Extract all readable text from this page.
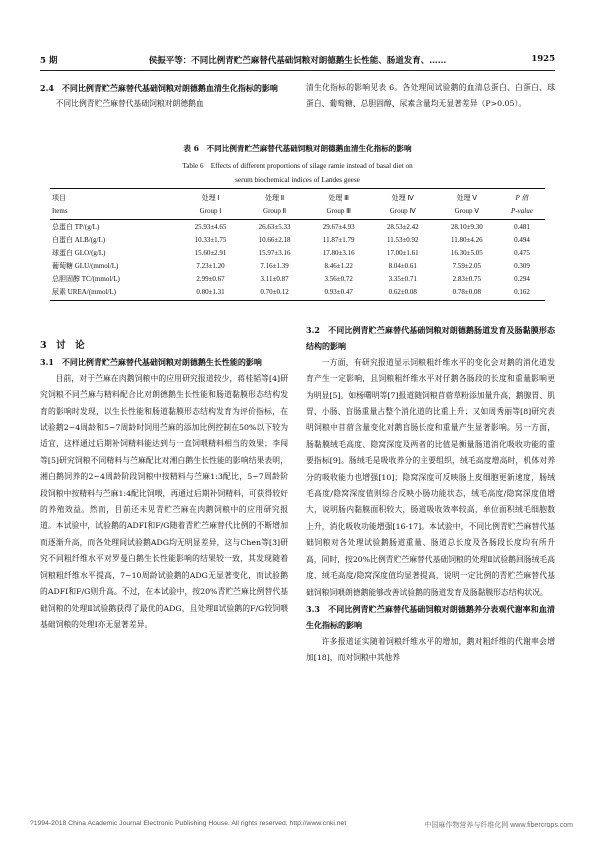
5 期	侯振平等：不同比例青贮苎麻替代基础饲粮对朗德鹅生长性能、肠道发育、……	1925

2.4　不同比例青贮苎麻替代基础饲粮对朗德鹅血清生化指标的影响

不同比例青贮苎麻替代基础饲粮对朗德鹅血

清生化指标的影响见表 6。各处理间试验鹅的血清总蛋白、白蛋白、球蛋白、葡萄糖、总胆固醇、尿素含量均无显著差异（P>0.05）。

表 6　不同比例青贮苎麻替代基础饲粮对朗德鹅血清生化指标的影响
Table 6　Effects of different proportions of silage ramie instead of basal diet on
serum biochemical indices of Landes geese
项目	处理 Ⅰ	处理 Ⅱ	处理 Ⅲ	处理 Ⅳ	处理 Ⅴ	P 值
Items	Group Ⅰ	Group Ⅱ	Group Ⅲ	Group Ⅳ	Group Ⅴ	P-value
总蛋白 TP/(g/L)	25.93±4.65	26.63±5.33	29.67±4.93	28.53±2.42	28.10±9.30	0.481
白蛋白 ALB/(g/L)	10.33±1.75	10.66±2.18	11.87±1.79	11.53±0.92	11.80±4.26	0.494
球蛋白 GLO/(g/L)	15.60±2.91	15.97±3.16	17.80±3.16	17.00±1.61	16.30±5.05	0.475
葡萄糖 GLU/(mmol/L)	7.23±1.20	7.16±1.39	8.46±1.22	8.04±0.61	7.59±2.05	0.309
总胆固醇 TC/(mmol/L)	2.99±0.67	3.11±0.87	3.56±0.72	3.35±0.71	2.83±0.75	0.294
尿素 UREA/(mmol/L)	0.80±1.31	0.70±0.12	0.93±0.47	0.62±0.08	0.78±0.08	0.162

3　讨　论

3.1　不同比例青贮苎麻替代基础饲粮对朗德鹅生长性能的影响

目前，对于苎麻在肉鹅饲粮中的应用研究报道较少，蒋桂韬等[4]研究饲粮不同苎麻与精料配合比对朗德鹅生长性能和肠道黏膜形态结构发育的影响时发现，以生长性能和肠道黏膜形态结构发育为评价指标，在试验鹅2~4周龄和5~7周龄时饲用苎麻的添加比例控制在50%以下较为适宜，这样通过后期补饲精料能达到与一直饲喂精料相当的效果；李闯等[5]研究饲粮不同精料与苎麻配比对湘白鹅生长性能的影响结果表明，湘白鹅饲养的2~4周龄阶段饲粮中按精料与苎麻1:3配比，5~7周龄阶段饲粮中按精料与苎麻1:4配比饲喂，再通过后期补饲精料，可获得较好的养殖效益。然而，目前还未见青贮苎麻在肉鹅饲粮中的应用研究报道。本试验中，试验鹅的ADFI和F/G随着青贮苎麻替代比例的不断增加而逐渐升高，而各处理间试验鹅ADG均无明显差异，这与Chen等[3]研究不同粗纤维水平对罗曼白鹅生长性能影响的结果较一致，其发现随着饲粮粗纤维水平提高，7~10周龄试验鹅的ADG无显著变化，而试验鹅的ADFI和F/G则升高。不过，在本试验中，按20%青贮苎麻比例替代基础饲粮的处理Ⅱ试验鹅获得了最优的ADG，且处理Ⅱ试验鹅的F/G较饲喂基础饲粮的处理Ⅰ亦无显著差异。

3.2　不同比例青贮苎麻替代基础饲粮对朗德鹅肠道发育及肠黏膜形态结构的影响

一方面，有研究报道显示饲粮粗纤维水平的变化会对鹅的消化道发育产生一定影响，且饲粮粗纤维水平对仔鹅各肠段的长度和重量影响更为明显[5]。如杨曙明等[7]报道随饲粮苜蓿草粉添加量升高，鹅腺胃、肌胃、小肠、盲肠重量占整个消化道的比重上升；又如周秀丽等[8]研究表明饲粮中苜蓿含量变化对鹅盲肠长度和重量产生显著影响。另一方面，肠黏膜绒毛高度、隐窝深度及两者的比值是衡量肠道消化吸收功能的重要指标[9]。肠绒毛是吸收养分的主要组织，绒毛高度增高时，机体对养分的吸收能力也增强[10]；隐窝深度可反映肠上皮细胞更新速度，肠绒毛高度/隐窝深度值则综合反映小肠功能状态，绒毛高度/隐窝深度值增大，说明肠内黏膜面积较大，肠道吸收效率较高，单位面积绒毛细胞数上升，消化吸收功能增强[16-17]。本试验中，不同比例青贮苎麻替代基础饲粮对各处理试验鹅肠道重量、肠道总长度及各肠段长度均有所升高，同时，按20%比例青贮苎麻替代基础饲粮的处理Ⅱ试验鹅回肠绒毛高度、绒毛高度/隐窝深度值均显著提高，说明一定比例的青贮苎麻替代基础饲粮饲喂朗德鹅能够改善试验鹅的肠道发育及肠黏膜形态结构状况。

3.3　不同比例青贮苎麻替代基础饲粮对朗德鹅养分表观代谢率和血清生化指标的影响

许多报道证实随着饲粮纤维水平的增加，鹅对粗纤维的代谢率会增加[18]，而对饲粮中其他养

?1994-2018 China Academic Journal Electronic Publishing House. All rights reserved. http://www.cnki.net	中国麻作物营养与纤维化网 www.fibercrops.com
